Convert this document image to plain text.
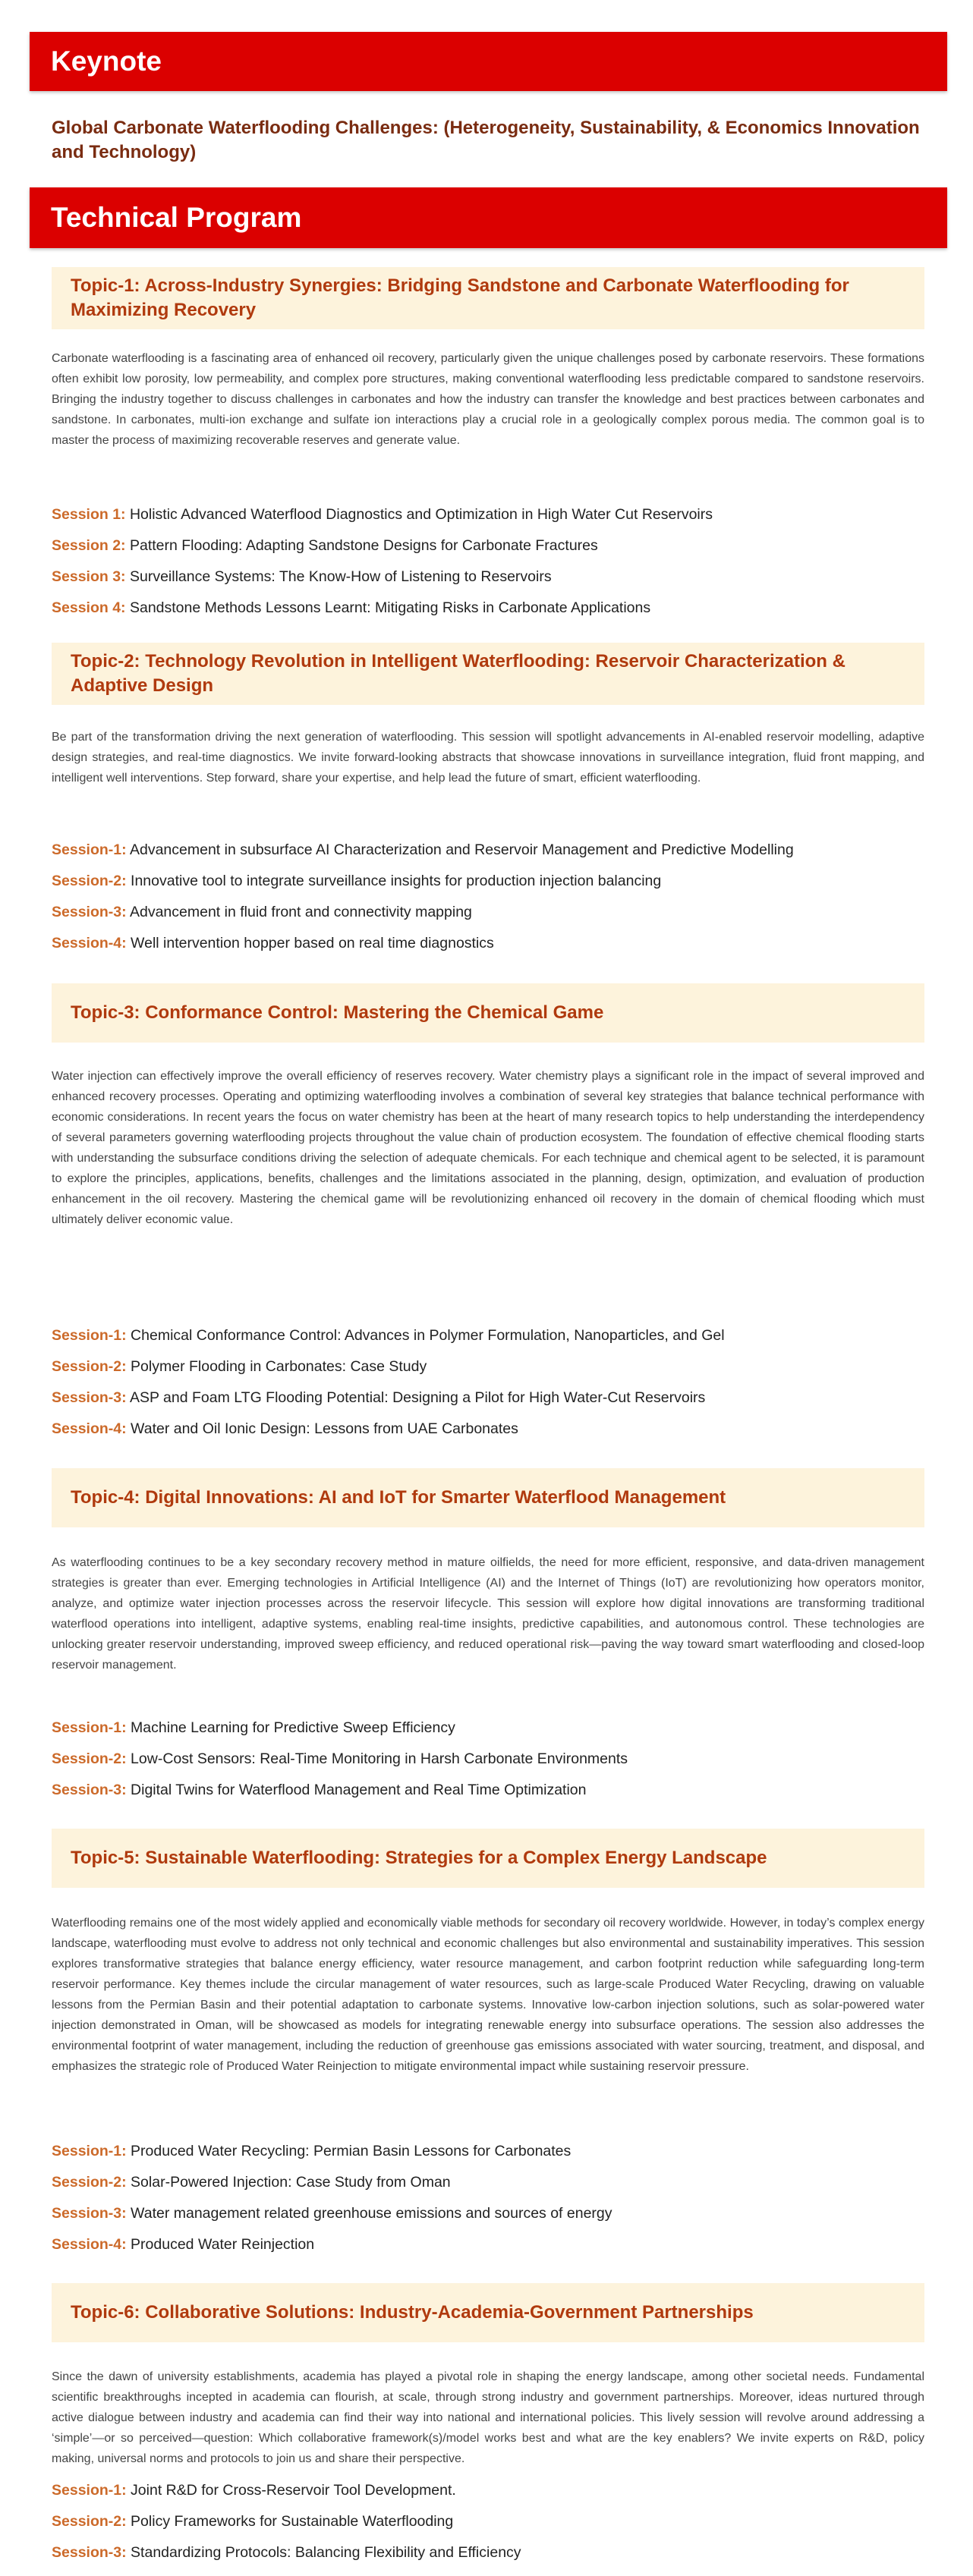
Keynote
Global Carbonate Waterflooding Challenges: (Heterogeneity, Sustainability, & Economics Innovation and Technology)
Technical Program
Topic-1: Across-Industry Synergies: Bridging Sandstone and Carbonate Waterflooding for Maximizing Recovery
Carbonate waterflooding is a fascinating area of enhanced oil recovery, particularly given the unique challenges posed by carbonate reservoirs. These formations often exhibit low porosity, low permeability, and complex pore structures, making conventional waterflooding less predictable compared to sandstone reservoirs. Bringing the industry together to discuss challenges in carbonates and how the industry can transfer the knowledge and best practices between carbonates and sandstone. In carbonates, multi-ion exchange and sulfate ion interactions play a crucial role in a geologically complex porous media. The common goal is to master the process of maximizing recoverable reserves and generate value.
Session 1: Holistic Advanced Waterflood Diagnostics and Optimization in High Water Cut Reservoirs
Session 2: Pattern Flooding: Adapting Sandstone Designs for Carbonate Fractures
Session 3: Surveillance Systems: The Know-How of Listening to Reservoirs
Session 4: Sandstone Methods Lessons Learnt: Mitigating Risks in Carbonate Applications
Topic-2: Technology Revolution in Intelligent Waterflooding: Reservoir Characterization & Adaptive Design
Be part of the transformation driving the next generation of waterflooding. This session will spotlight advancements in AI-enabled reservoir modelling, adaptive design strategies, and real-time diagnostics. We invite forward-looking abstracts that showcase innovations in surveillance integration, fluid front mapping, and intelligent well interventions. Step forward, share your expertise, and help lead the future of smart, efficient waterflooding.
Session-1: Advancement in subsurface AI Characterization and Reservoir Management and Predictive Modelling
Session-2: Innovative tool to integrate surveillance insights for production injection balancing
Session-3: Advancement in fluid front and connectivity mapping
Session-4: Well intervention hopper based on real time diagnostics
Topic-3: Conformance Control: Mastering the Chemical Game
Water injection can effectively improve the overall efficiency of reserves recovery. Water chemistry plays a significant role in the impact of several improved and enhanced recovery processes. Operating and optimizing waterflooding involves a combination of several key strategies that balance technical performance with economic considerations. In recent years the focus on water chemistry has been at the heart of many research topics to help understanding the interdependency of several parameters governing waterflooding projects throughout the value chain of production ecosystem. The foundation of effective chemical flooding starts with understanding the subsurface conditions driving the selection of adequate chemicals. For each technique and chemical agent to be selected, it is paramount to explore the principles, applications, benefits, challenges and the limitations associated in the planning, design, optimization, and evaluation of production enhancement in the oil recovery. Mastering the chemical game will be revolutionizing enhanced oil recovery in the domain of chemical flooding which must ultimately deliver economic value.
Session-1: Chemical Conformance Control: Advances in Polymer Formulation, Nanoparticles, and Gel
Session-2: Polymer Flooding in Carbonates: Case Study
Session-3: ASP and Foam LTG Flooding Potential: Designing a Pilot for High Water-Cut Reservoirs
Session-4: Water and Oil Ionic Design: Lessons from UAE Carbonates
Topic-4: Digital Innovations: AI and IoT for Smarter Waterflood Management
As waterflooding continues to be a key secondary recovery method in mature oilfields, the need for more efficient, responsive, and data-driven management strategies is greater than ever. Emerging technologies in Artificial Intelligence (AI) and the Internet of Things (IoT) are revolutionizing how operators monitor, analyze, and optimize water injection processes across the reservoir lifecycle. This session will explore how digital innovations are transforming traditional waterflood operations into intelligent, adaptive systems, enabling real-time insights, predictive capabilities, and autonomous control. These technologies are unlocking greater reservoir understanding, improved sweep efficiency, and reduced operational risk—paving the way toward smart waterflooding and closed-loop reservoir management.
Session-1: Machine Learning for Predictive Sweep Efficiency
Session-2: Low-Cost Sensors: Real-Time Monitoring in Harsh Carbonate Environments
Session-3: Digital Twins for Waterflood Management and Real Time Optimization
Topic-5: Sustainable Waterflooding: Strategies for a Complex Energy Landscape
Waterflooding remains one of the most widely applied and economically viable methods for secondary oil recovery worldwide. However, in today’s complex energy landscape, waterflooding must evolve to address not only technical and economic challenges but also environmental and sustainability imperatives. This session explores transformative strategies that balance energy efficiency, water resource management, and carbon footprint reduction while safeguarding long-term reservoir performance. Key themes include the circular management of water resources, such as large-scale Produced Water Recycling, drawing on valuable lessons from the Permian Basin and their potential adaptation to carbonate systems. Innovative low-carbon injection solutions, such as solar-powered water injection demonstrated in Oman, will be showcased as models for integrating renewable energy into subsurface operations. The session also addresses the environmental footprint of water management, including the reduction of greenhouse gas emissions associated with water sourcing, treatment, and disposal, and emphasizes the strategic role of Produced Water Reinjection to mitigate environmental impact while sustaining reservoir pressure.
Session-1: Produced Water Recycling: Permian Basin Lessons for Carbonates
Session-2: Solar-Powered Injection: Case Study from Oman
Session-3: Water management related greenhouse emissions and sources of energy
Session-4: Produced Water Reinjection
Topic-6: Collaborative Solutions: Industry-Academia-Government Partnerships
Since the dawn of university establishments, academia has played a pivotal role in shaping the energy landscape, among other societal needs. Fundamental scientific breakthroughs incepted in academia can flourish, at scale, through strong industry and government partnerships. Moreover, ideas nurtured through active dialogue between industry and academia can find their way into national and international policies. This lively session will revolve around addressing a ‘simple’—or so perceived—question: Which collaborative framework(s)/model works best and what are the key enablers? We invite experts on R&D, policy making, universal norms and protocols to join us and share their perspective.
Session-1: Joint R&D for Cross-Reservoir Tool Development.
Session-2: Policy Frameworks for Sustainable Waterflooding
Session-3: Standardizing Protocols: Balancing Flexibility and Efficiency
